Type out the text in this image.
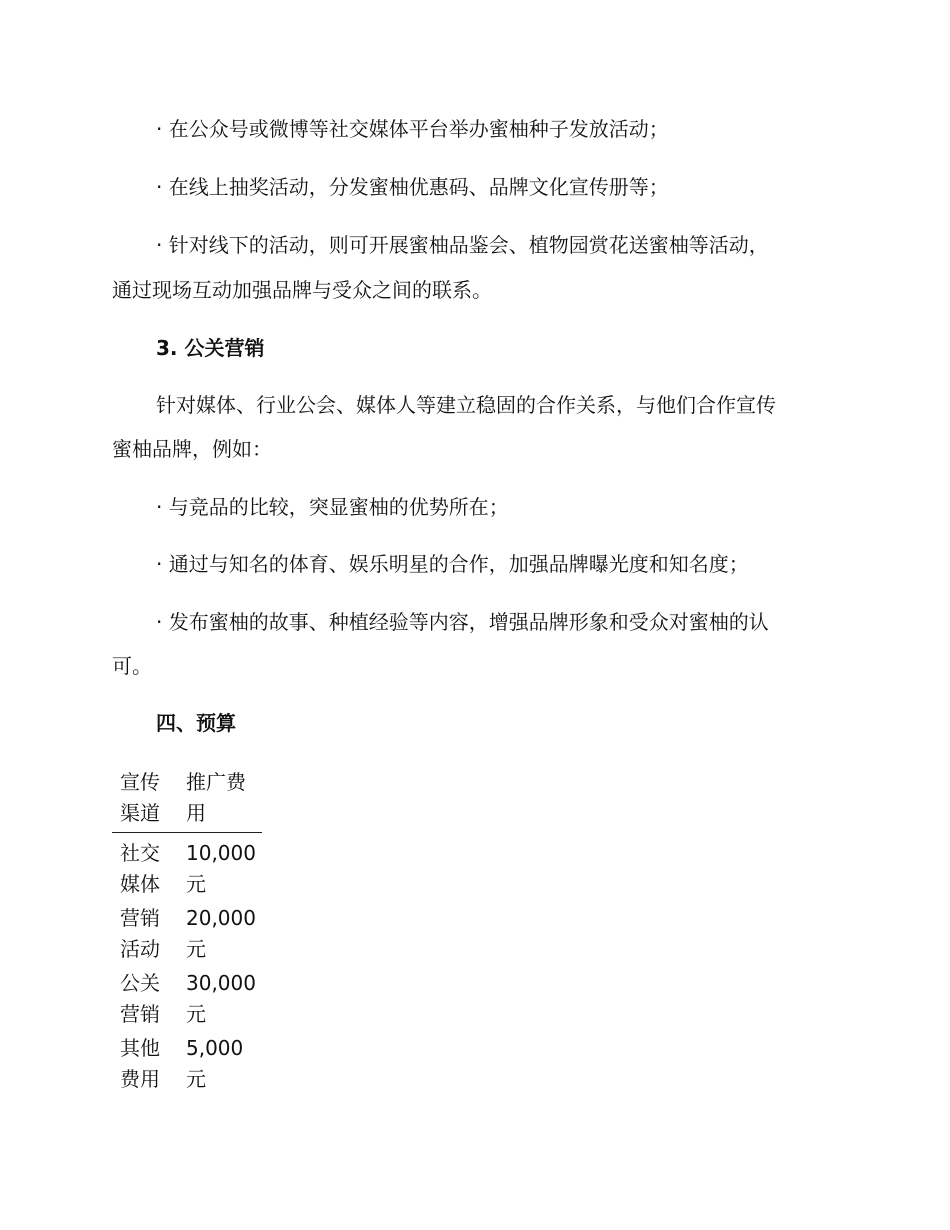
· 在公众号或微博等社交媒体平台举办蜜柚种子发放活动；

· 在线上抽奖活动，分发蜜柚优惠码、品牌文化宣传册等；

· 针对线下的活动，则可开展蜜柚品鉴会、植物园赏花送蜜柚等活动，

通过现场互动加强品牌与受众之间的联系。

3. 公关营销

针对媒体、行业公会、媒体人等建立稳固的合作关系，与他们合作宣传

蜜柚品牌，例如：

· 与竞品的比较，突显蜜柚的优势所在；

· 通过与知名的体育、娱乐明星的合作，加强品牌曝光度和知名度；

· 发布蜜柚的故事、种植经验等内容，增强品牌形象和受众对蜜柚的认

可。

四、预算
宣传渠道	推广费用

社交媒体	10,000元

营销活动	20,000元

公关营销	30,000元

其他费用	5,000元
